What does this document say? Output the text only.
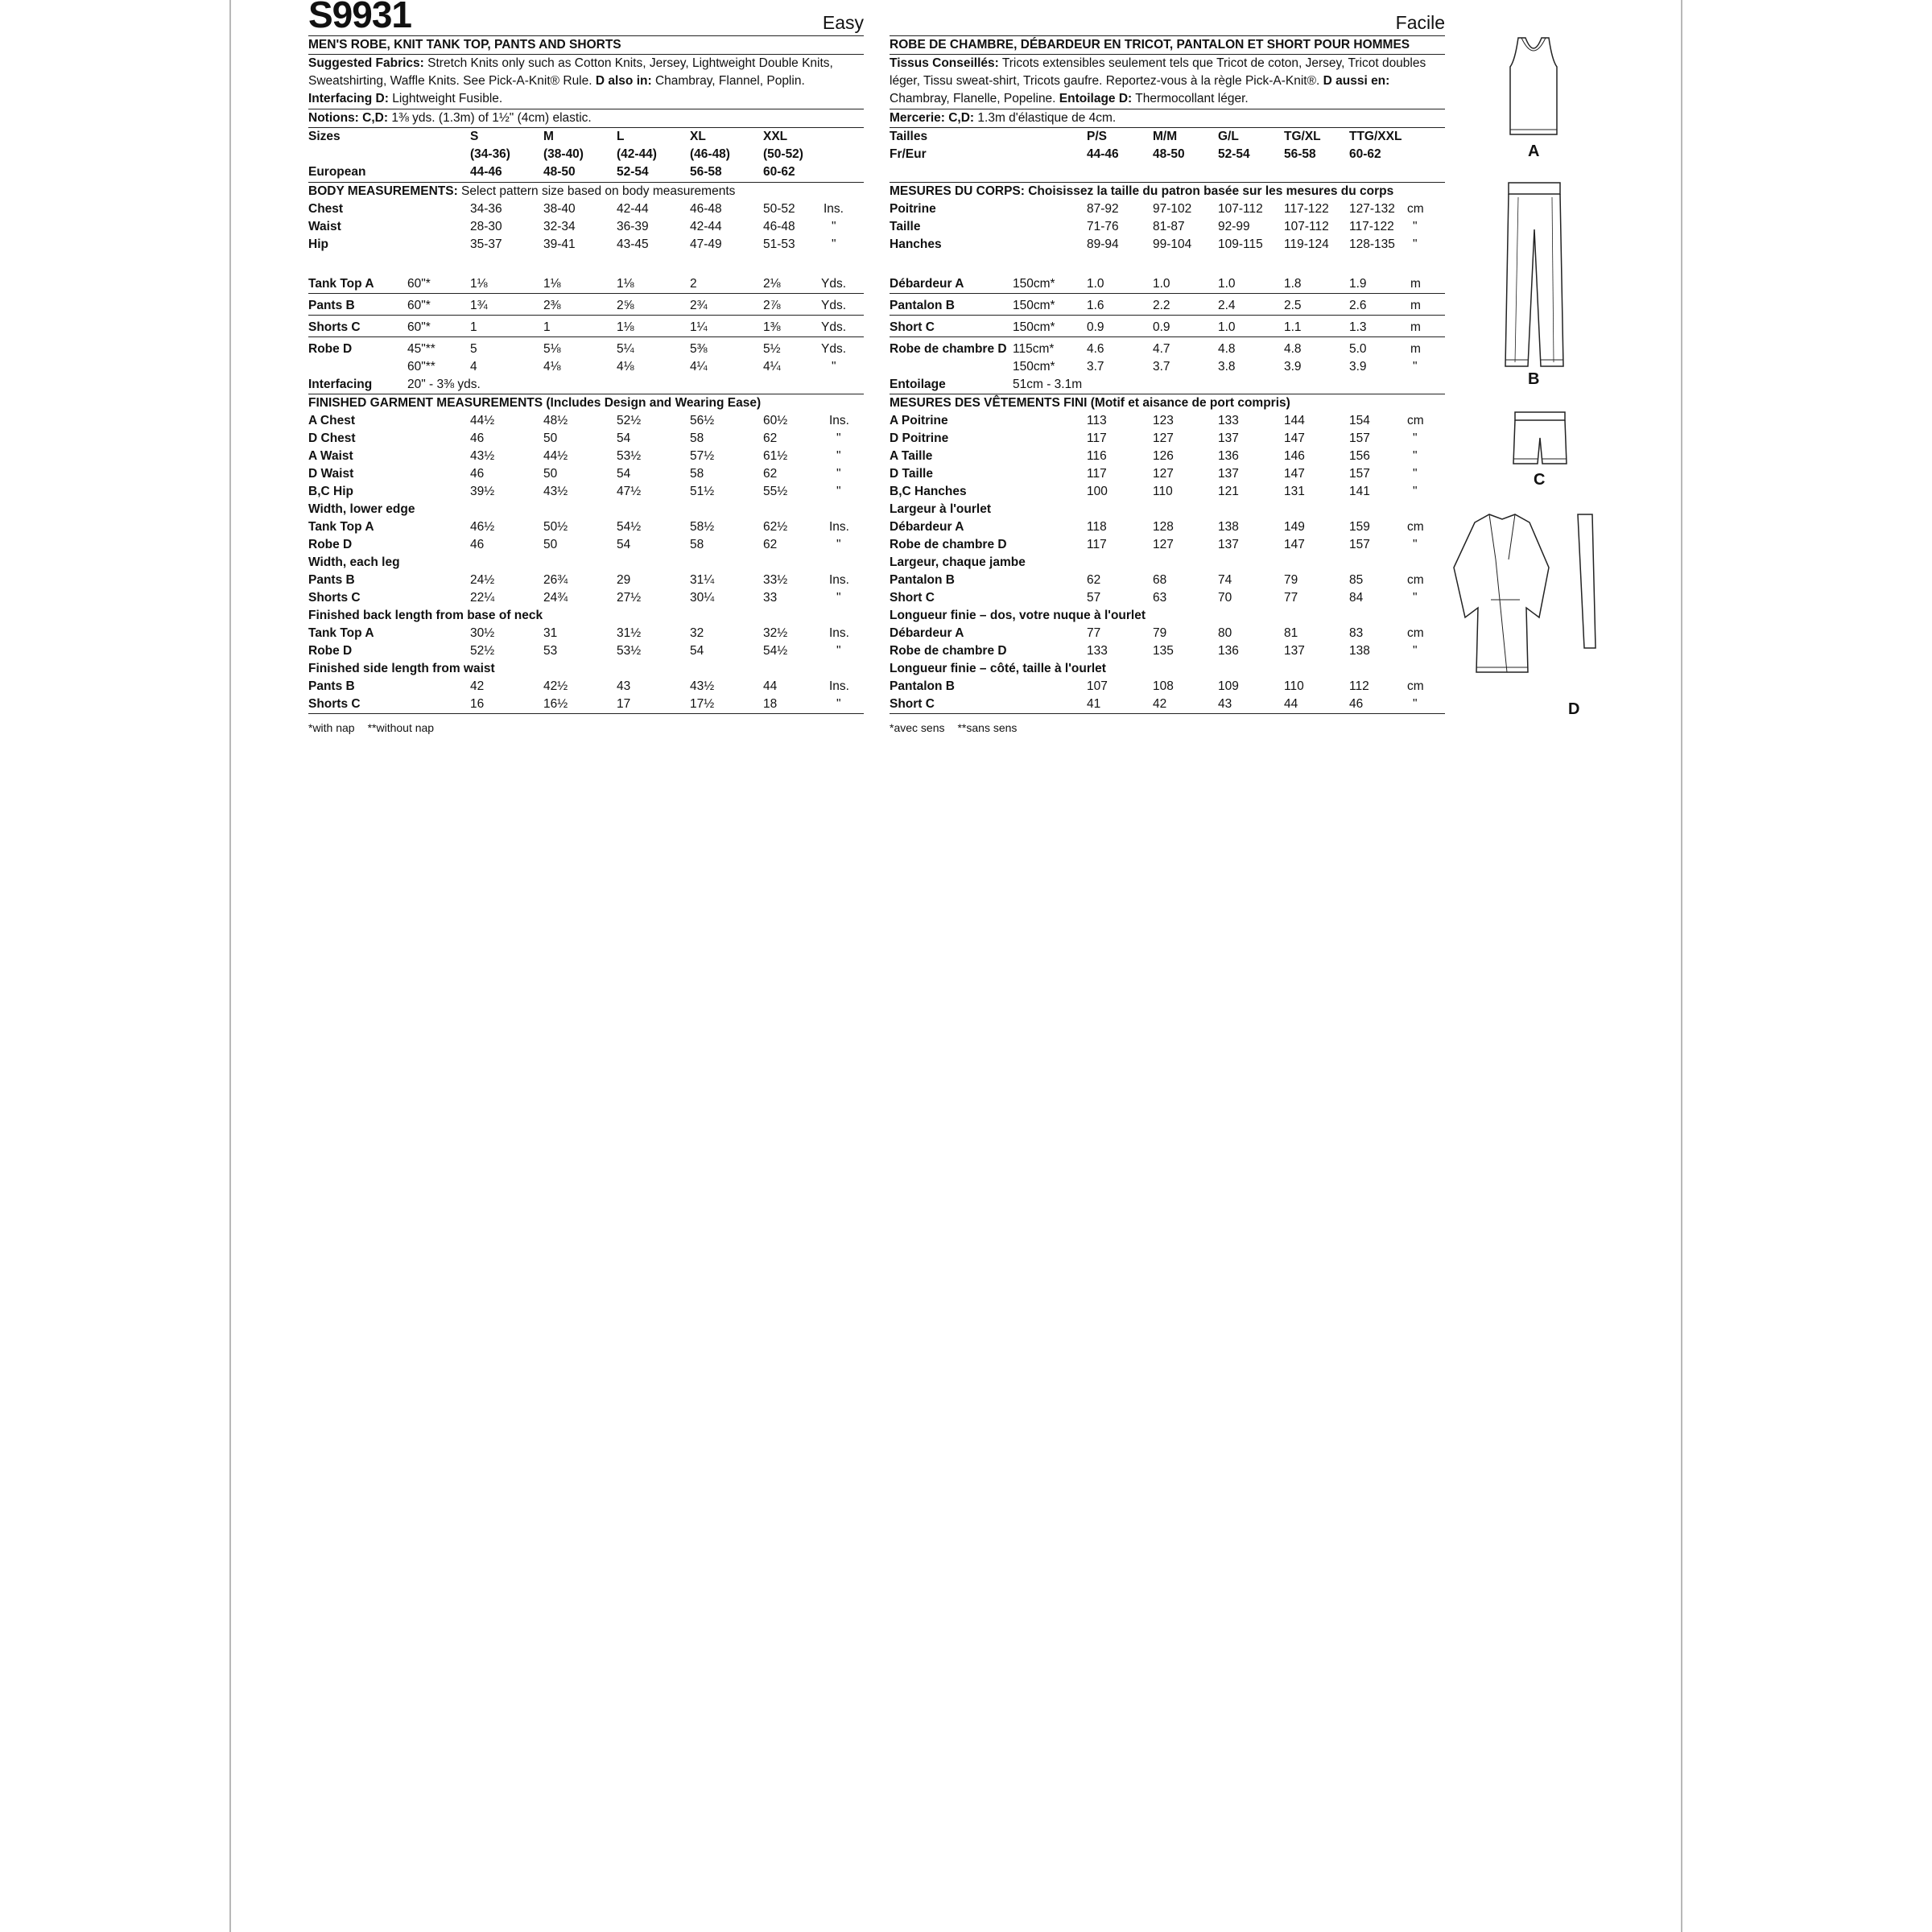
S9931	Easy
MEN'S ROBE, KNIT TANK TOP, PANTS AND SHORTS
Suggested Fabrics: Stretch Knits only such as Cotton Knits, Jersey, Lightweight Double Knits,
Sweatshirting, Waffle Knits. See Pick-A-Knit® Rule. D also in: Chambray, Flannel, Poplin.
Interfacing D: Lightweight Fusible.
Notions: C,D: 1⅜ yds. (1.3m) of 1½" (4cm) elastic.
Sizes	S	M	L	XL	XXL
(34-36)	(38-40)	(42-44)	(46-48)	(50-52)
European	44-46	48-50	52-54	56-58	60-62
BODY MEASUREMENTS: Select pattern size based on body measurements
Chest	34-36	38-40	42-44	46-48	50-52 Ins.
Waist	28-30	32-34	36-39	42-44	46-48	"
Hip	35-37	39-41	43-45	47-49	51-53	"
Tank Top A	60"*	1⅛	1⅛	1⅛	2	2⅛	Yds.
Pants B	60"*	1¾	2⅜	2⅝	2¾	2⅞	Yds.
Shorts C	60"*	1	1	1⅛	1¼	1⅜	Yds.
Robe D	45"**	5	5⅛	5¼	5⅜	5½	Yds.
60"**	4	4⅛	4⅛	4¼	4¼	"
Interfacing	20" - 3⅜ yds.
FINISHED GARMENT MEASUREMENTS (Includes Design and Wearing Ease)
A Chest	44½	48½	52½	56½	60½	Ins.
D Chest	46	50	54	58	62	"
A Waist	43½	44½	53½	57½	61½	"
D Waist	46	50	54	58	62	"
B,C Hip	39½	43½	47½	51½	55½	"
Width, lower edge
Tank Top A	46½	50½	54½	58½	62½	Ins.
Robe D	46	50	54	58	62	"
Width, each leg
Pants B	24½	26¾	29	31¼	33½	Ins.
Shorts C	22¼	24¾	27½	30¼	33	"
Finished back length from base of neck
Tank Top A	30½	31	31½	32	32½	Ins.
Robe D	52½	53	53½	54	54½	"
Finished side length from waist
Pants B	42	42½	43	43½	44	Ins.
Shorts C	16	16½	17	17½	18	"
*with nap **without nap
Facile
ROBE DE CHAMBRE, DÉBARDEUR EN TRICOT, PANTALON ET SHORT POUR HOMMES
Tissus Conseillés: Tricots extensibles seulement tels que Tricot de coton, Jersey, Tricot doubles
léger, Tissu sweat-shirt, Tricots gaufre. Reportez-vous à la règle Pick-A-Knit®. D aussi en:
Chambray, Flanelle, Popeline. Entoilage D: Thermocollant léger.
Mercerie: C,D: 1.3m d'élastique de 4cm.
Tailles	P/S	M/M	G/L	TG/XL TTG/XXL
Fr/Eur	44-46	48-50	52-54	56-58	60-62
MESURES DU CORPS: Choisissez la taille du patron basée sur les mesures du corps
Poitrine	87-92	97-102 107-112 117-122 127-132 cm
Taille	71-76	81-87	92-99	107-112 117-122 "
Hanches	89-94	99-104 109-115 119-124 128-135 "
Débardeur A	150cm*	1.0	1.0	1.0	1.8	1.9	m
Pantalon B	150cm*	1.6	2.2	2.4	2.5	2.6	m
Short C	150cm*	0.9	0.9	1.0	1.1	1.3	m
Robe de chambre D 115cm*	4.6	4.7	4.8	4.8	5.0	m
150cm*	3.7	3.7	3.8	3.9	3.9	"
Entoilage	51cm - 3.1m
MESURES DES VÊTEMENTS FINI (Motif et aisance de port compris)
A Poitrine	113	123	133	144	154	cm
D Poitrine	117	127	137	147	157	"
A Taille	116	126	136	146	156	"
D Taille	117	127	137	147	157	"
B,C Hanches	100	110	121	131	141	"
Largeur à l'ourlet
Débardeur A	118	128	138	149	159	cm
Robe de chambre D	117	127	137	147	157	"
Largeur, chaque jambe
Pantalon B	62	68	74	79	85	cm
Short C	57	63	70	77	84	"
Longueur finie – dos, votre nuque à l'ourlet
Débardeur A	77	79	80	81	83	cm
Robe de chambre D	133	135	136	137	138	"
Longueur finie – côté, taille à l'ourlet
Pantalon B	107	108	109	110	112	cm
Short C	41	42	43	44	46	"
*avec sens **sans sens
A
B
C
D
